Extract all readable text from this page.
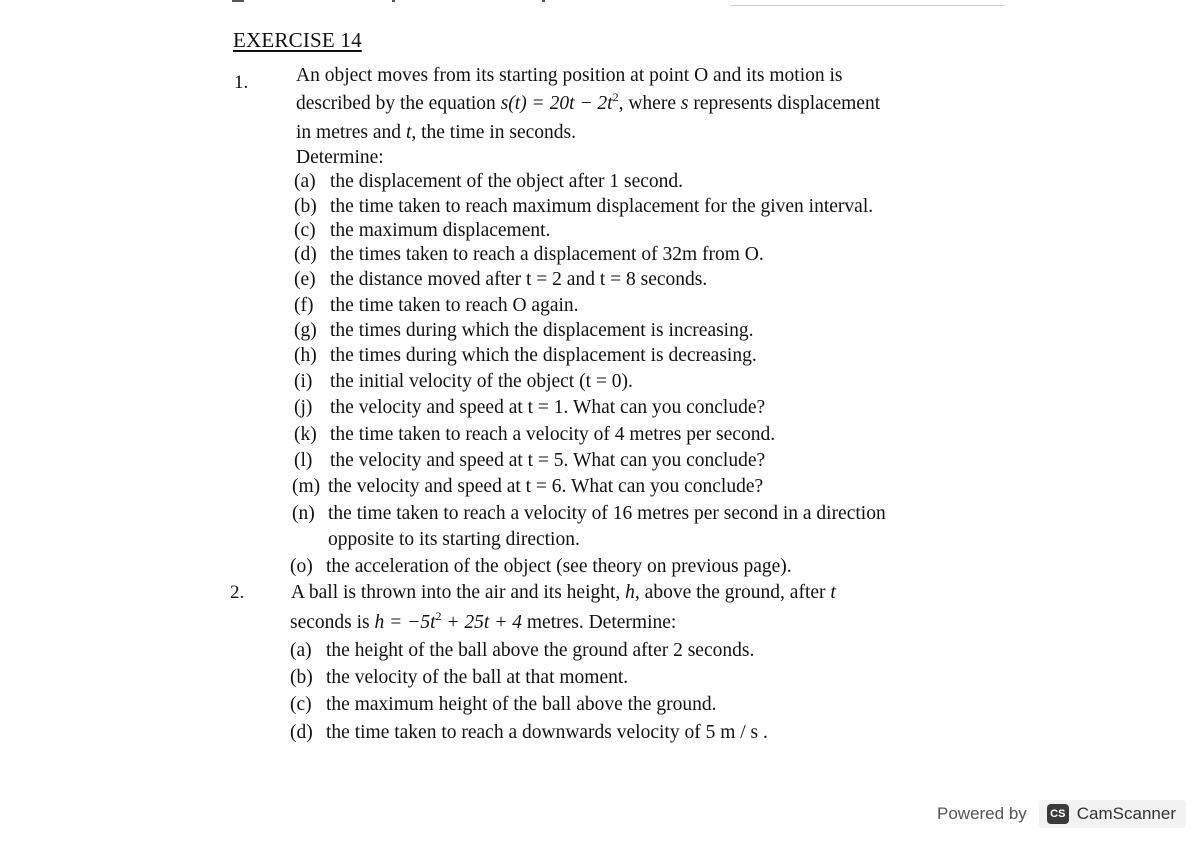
EXERCISE 14
1. An object moves from its starting position at point O and its motion is
described by the equation $s(t) = 20t - 2t^2$, where s represents displacement
in metres and t, the time in seconds.
Determine:
(a) the displacement of the object after 1 second.
(b) the time taken to reach maximum displacement for the given interval.
(c) the maximum displacement.
(d) the times taken to reach a displacement of 32m from O.
(e) the distance moved after t = 2 and t = 8 seconds.
(f) the time taken to reach O again.
(g) the times during which the displacement is increasing.
(h) the times during which the displacement is decreasing.
(i) the initial velocity of the object (t = 0).
(j) the velocity and speed at t = 1. What can you conclude?
(k) the time taken to reach a velocity of 4 metres per second.
(l) the velocity and speed at t = 5. What can you conclude?
(m) the velocity and speed at t = 6. What can you conclude?
(n) the time taken to reach a velocity of 16 metres per second in a direction
opposite to its starting direction.
(o) the acceleration of the object (see theory on previous page).
2. A ball is thrown into the air and its height, h, above the ground, after t
seconds is $h = -5t^2 + 25t + 4$ metres. Determine:
(a) the height of the ball above the ground after 2 seconds.
(b) the velocity of the ball at that moment.
(c) the maximum height of the ball above the ground.
(d) the time taken to reach a downwards velocity of 5 m / s .
Powered by	CS CamScanner
